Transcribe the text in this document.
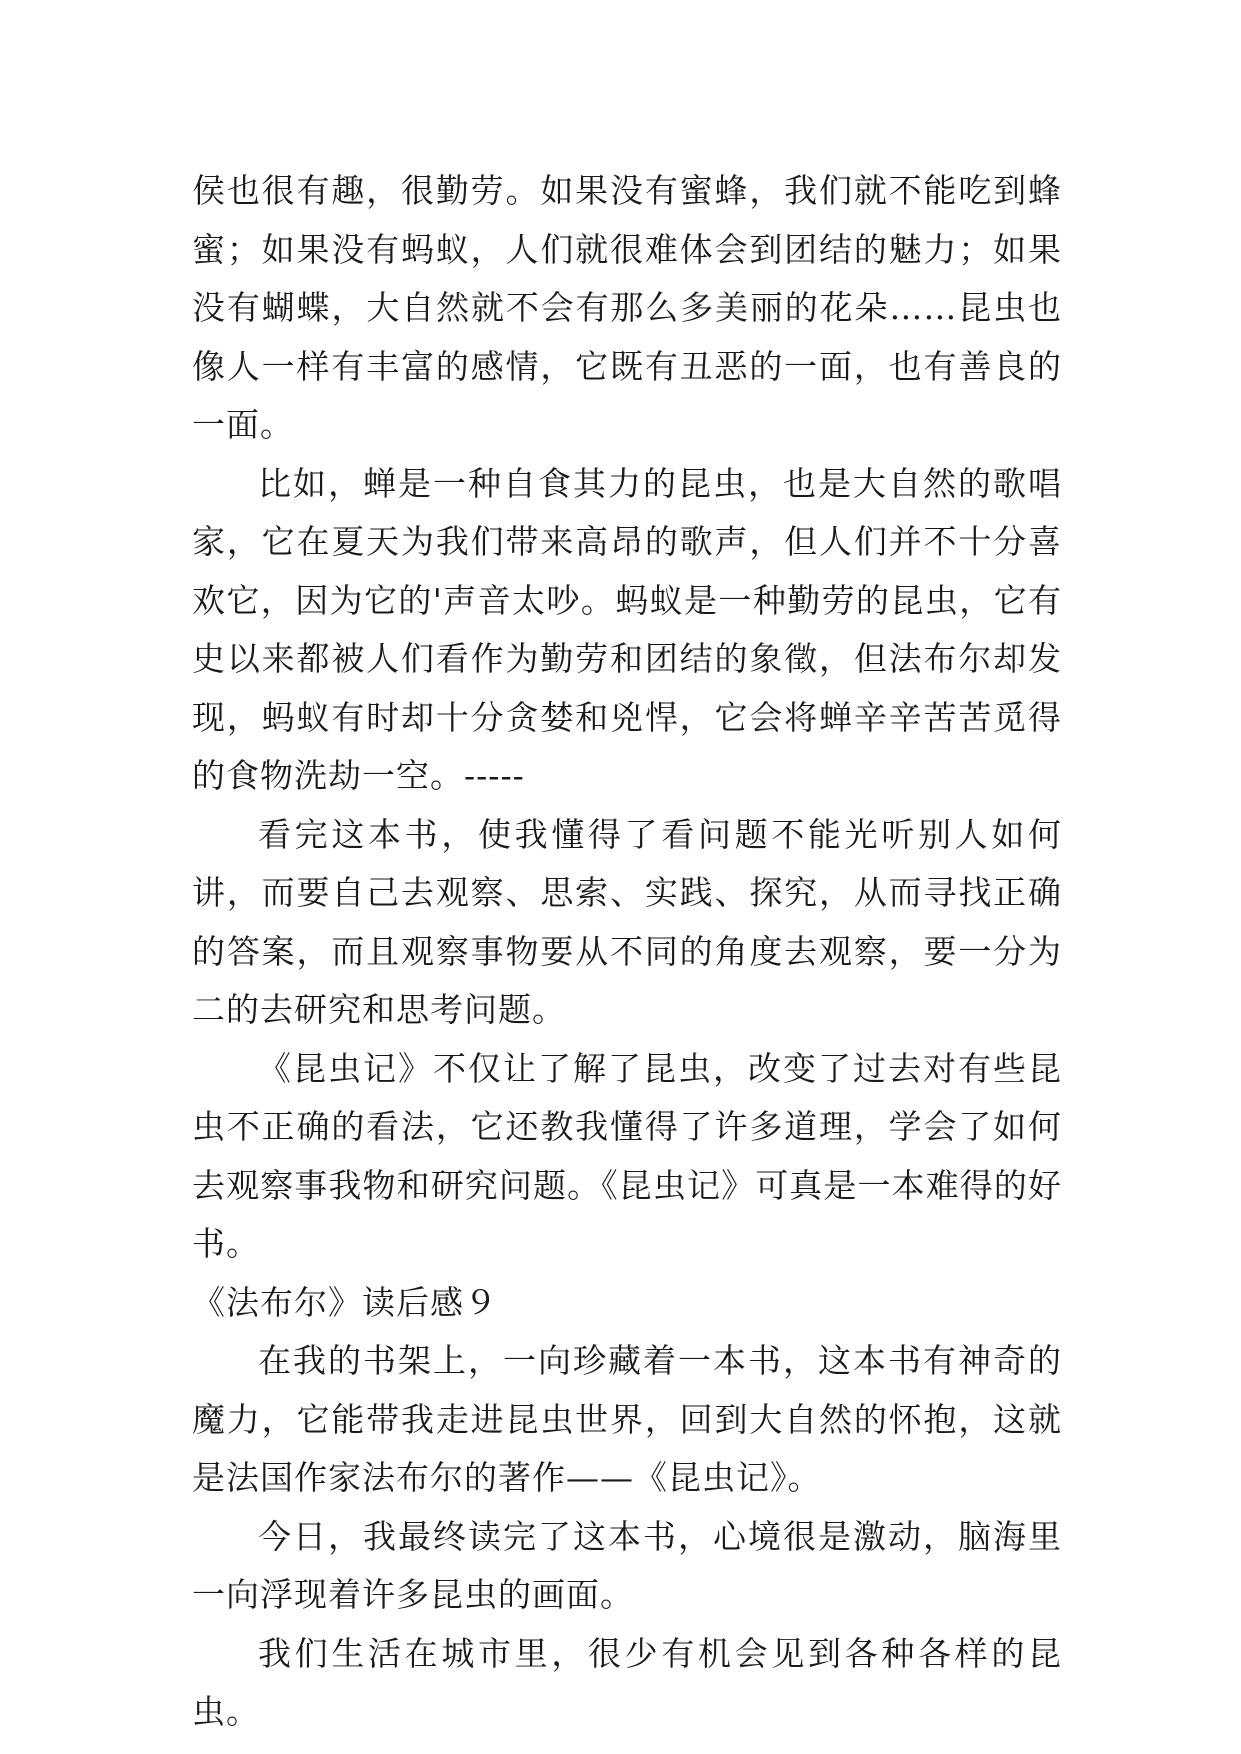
侯也很有趣，很勤劳。如果没有蜜蜂，我们就不能吃到蜂蜜；如果没有蚂蚁，人们就很难体会到团结的魅力；如果没有蝴蝶，大自然就不会有那么多美丽的花朵……昆虫也像人一样有丰富的感情，它既有丑恶的一面，也有善良的一面。

比如，蝉是一种自食其力的昆虫，也是大自然的歌唱家，它在夏天为我们带来高昂的歌声，但人们并不十分喜欢它，因为它的'声音太吵。蚂蚁是一种勤劳的昆虫，它有史以来都被人们看作为勤劳和团结的象徵，但法布尔却发现，蚂蚁有时却十分贪婪和兇悍，它会将蝉辛辛苦苦觅得的食物洗劫一空。-----

看完这本书，使我懂得了看问题不能光听别人如何讲，而要自己去观察、思索、实践、探究，从而寻找正确的答案，而且观察事物要从不同的角度去观察，要一分为二的去研究和思考问题。

《昆虫记》不仅让了解了昆虫，改变了过去对有些昆虫不正确的看法，它还教我懂得了许多道理，学会了如何去观察事我物和研究问题。《昆虫记》可真是一本难得的好书。

《法布尔》读后感９

在我的书架上，一向珍藏着一本书，这本书有神奇的魔力，它能带我走进昆虫世界，回到大自然的怀抱，这就是法国作家法布尔的著作——《昆虫记》。

今日，我最终读完了这本书，心境很是激动，脑海里一向浮现着许多昆虫的画面。

我们生活在城市里，很少有机会见到各种各样的昆虫。
